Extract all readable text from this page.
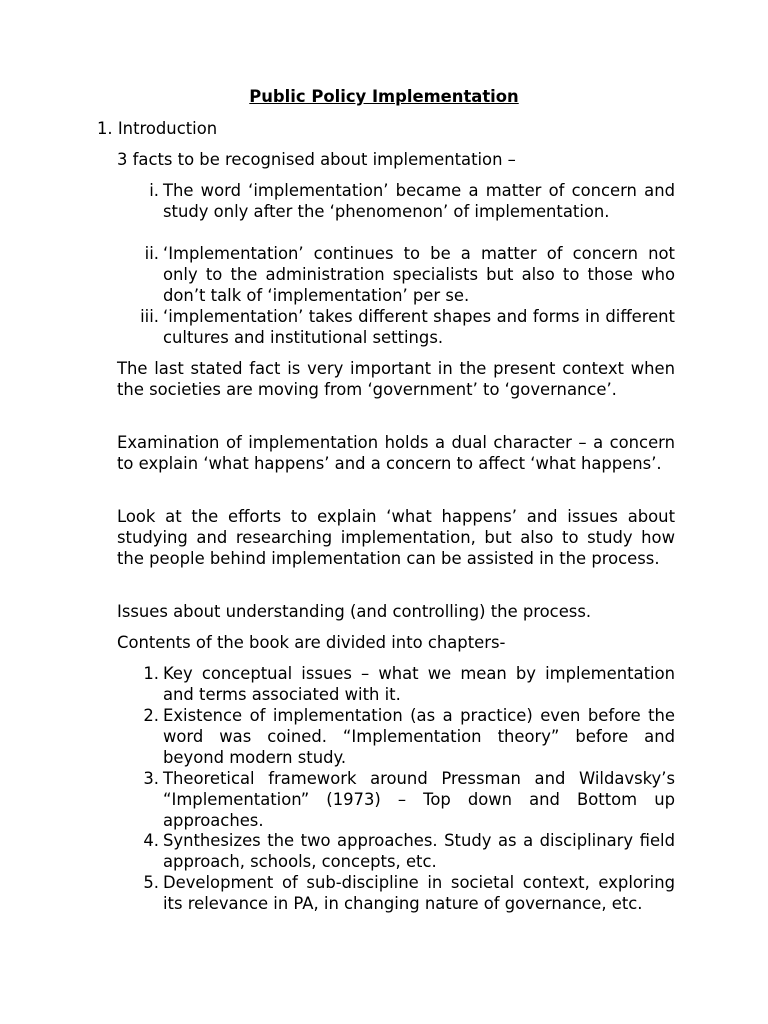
Public Policy Implementation

1. Introduction

3 facts to be recognised about implementation –

i. The word ‘implementation’ became a matter of concern and study only after the ‘phenomenon’ of implementation.
ii. ‘Implementation’ continues to be a matter of concern not only to the administration specialists but also to those who don’t talk of ‘implementation’ per se.
iii. ‘implementation’ takes different shapes and forms in different cultures and institutional settings.

The last stated fact is very important in the present context when the societies are moving from ‘government’ to ‘governance’.

Examination of implementation holds a dual character – a concern to explain ‘what happens’ and a concern to affect ‘what happens’.

Look at the efforts to explain ‘what happens’ and issues about studying and researching implementation, but also to study how the people behind implementation can be assisted in the process.

Issues about understanding (and controlling) the process.

Contents of the book are divided into chapters-

1. Key conceptual issues – what we mean by implementation and terms associated with it.
2. Existence of implementation (as a practice) even before the word was coined. “Implementation theory” before and beyond modern study.
3. Theoretical framework around Pressman and Wildavsky’s “Implementation” (1973) – Top down and Bottom up approaches.
4. Synthesizes the two approaches. Study as a disciplinary field approach, schools, concepts, etc.
5. Development of sub-discipline in societal context, exploring its relevance in PA, in changing nature of governance, etc.
